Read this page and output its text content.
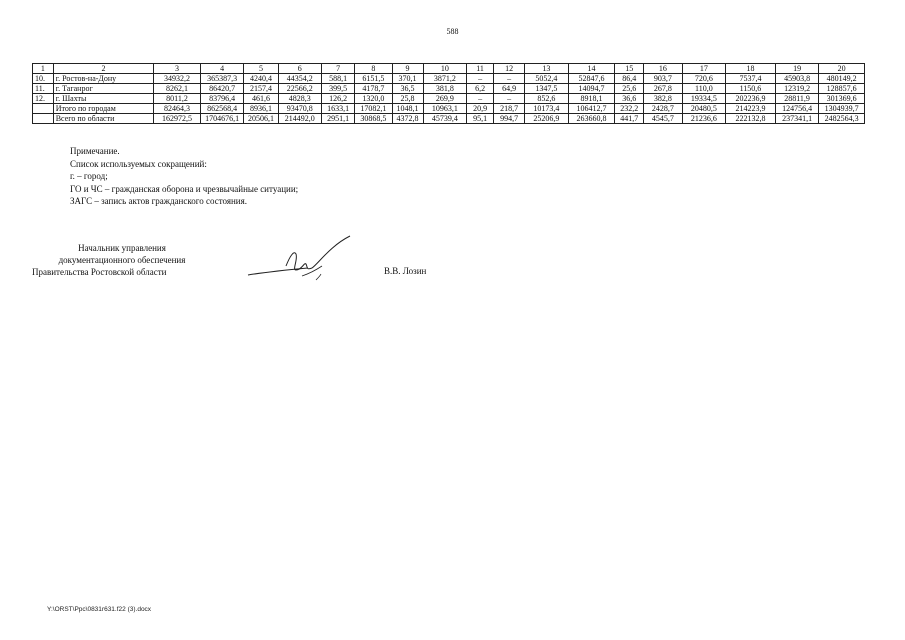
588
1	2	3	4	5	6	7	8	9	10	11	12	13	14	15	16	17	18	19	20
10.	г. Ростов-на-Дону	34932,2	365387,3	4240,4	44354,2	588,1	6151,5	370,1	3871,2	–	–	5052,4	52847,6	86,4	903,7	720,6	7537,4	45903,8	480149,2
11.	г. Таганрог	8262,1	86420,7	2157,4	22566,2	399,5	4178,7	36,5	381,8	6,2	64,9	1347,5	14094,7	25,6	267,8	110,0	1150,6	12319,2	128857,6
12.	г. Шахты	8011,2	83796,4	461,6	4828,3	126,2	1320,0	25,8	269,9	–	–	852,6	8918,1	36,6	382,8	19334,5	202236,9	28811,9	301369,6
	Итого по городам	82464,3	862568,4	8936,1	93470,8	1633,1	17082,1	1048,1	10963,1	20,9	218,7	10173,4	106412,7	232,2	2428,7	20480,5	214223,9	124756,4	1304939,7
	Всего по области	162972,5	1704676,1	20506,1	214492,0	2951,1	30868,5	4372,8	45739,4	95,1	994,7	25206,9	263660,8	441,7	4545,7	21236,6	222132,8	237341,1	2482564,3
Примечание.
Список используемых сокращений:
г. – город;
ГО и ЧС – гражданская оборона и чрезвычайные ситуации;
ЗАГС – запись актов гражданского состояния.
Начальник управления
документационного обеспечения
Правительства Ростовской области	В.В. Лозин
Y:\ORST\Ppc\0831r631.f22 (3).docx
